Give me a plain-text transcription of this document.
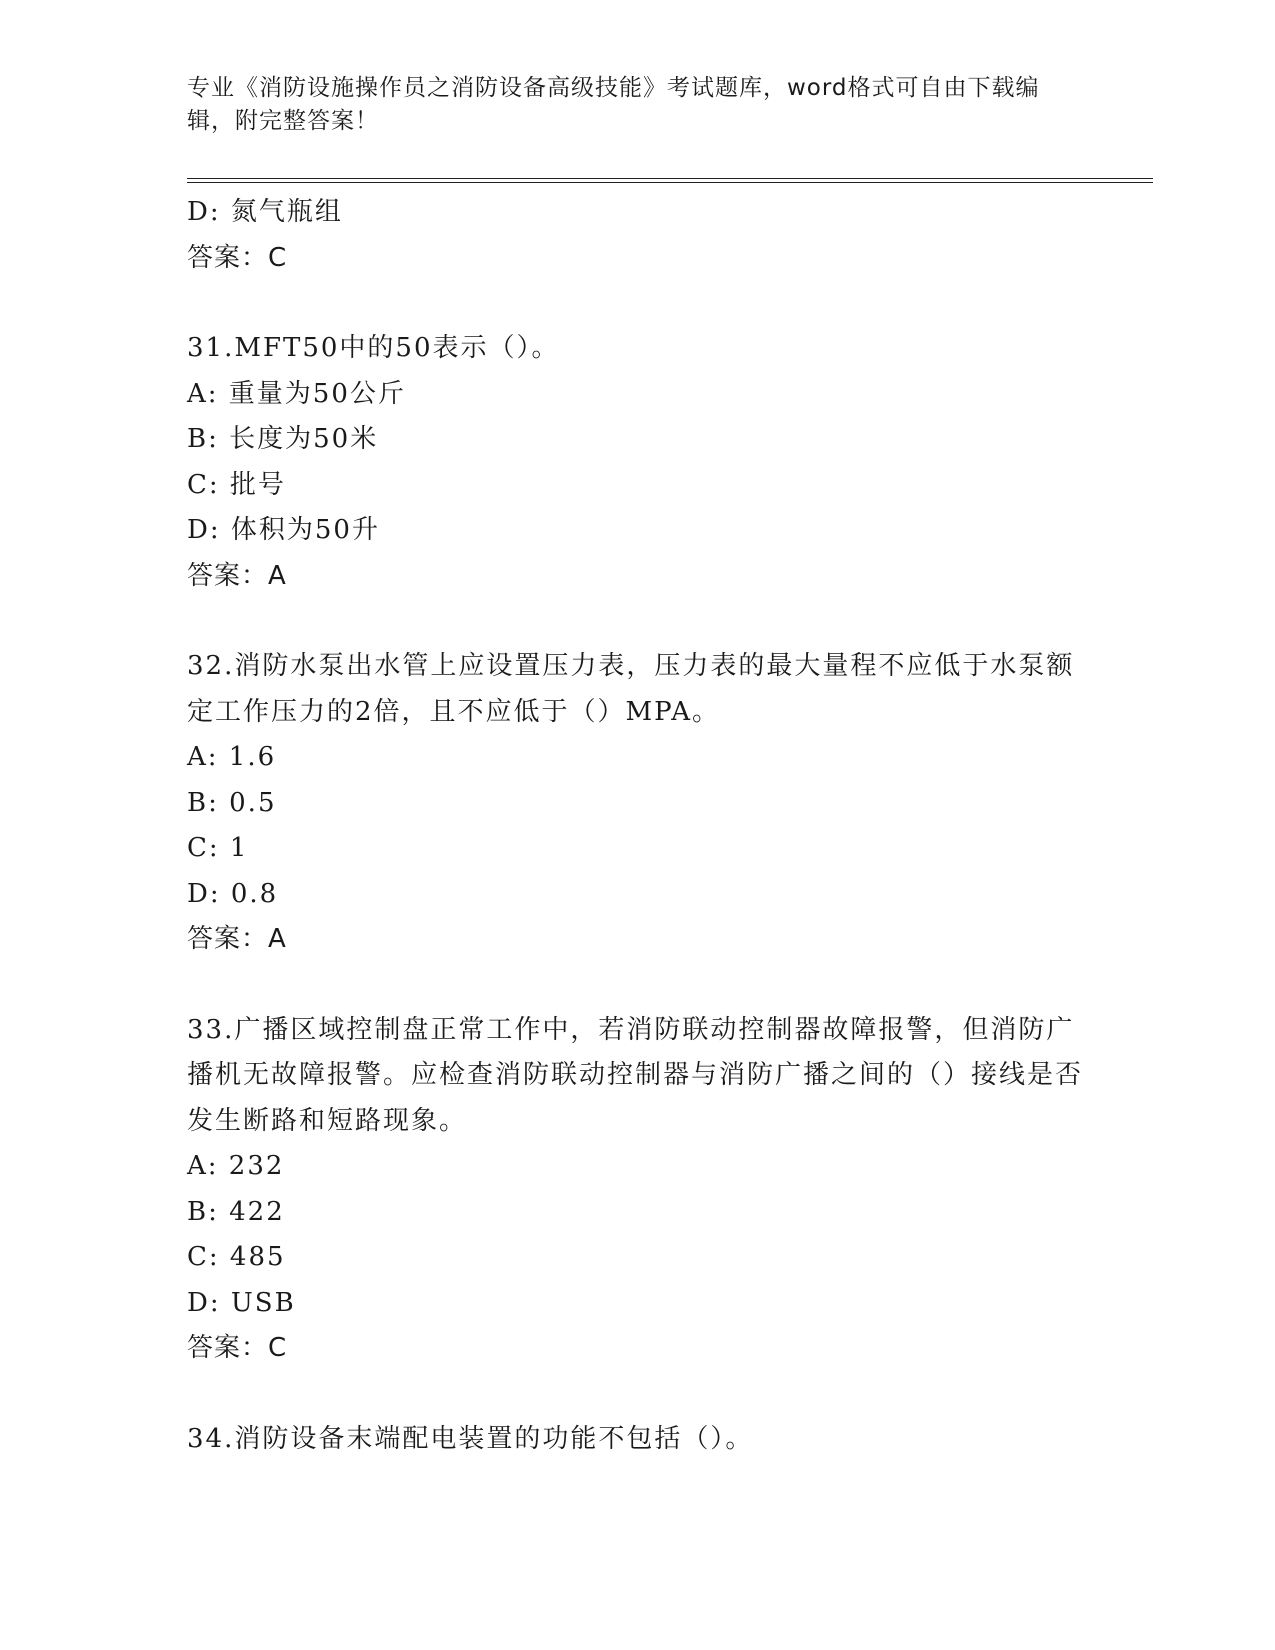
专业《消防设施操作员之消防设备高级技能》考试题库，word格式可自由下载编
辑，附完整答案！
D: 氮气瓶组
答案：C
31.MFT50中的50表示（）。
A: 重量为50公斤
B: 长度为50米
C: 批号
D: 体积为50升
答案：A
32.消防水泵出水管上应设置压力表，压力表的最大量程不应低于水泵额定工作压力的2倍，且不应低于（）MPA。
A: 1.6
B: 0.5
C: 1
D: 0.8
答案：A
33.广播区域控制盘正常工作中，若消防联动控制器故障报警，但消防广播机无故障报警。应检查消防联动控制器与消防广播之间的（）接线是否发生断路和短路现象。
A: 232
B: 422
C: 485
D: USB
答案：C
34.消防设备末端配电装置的功能不包括（）。
